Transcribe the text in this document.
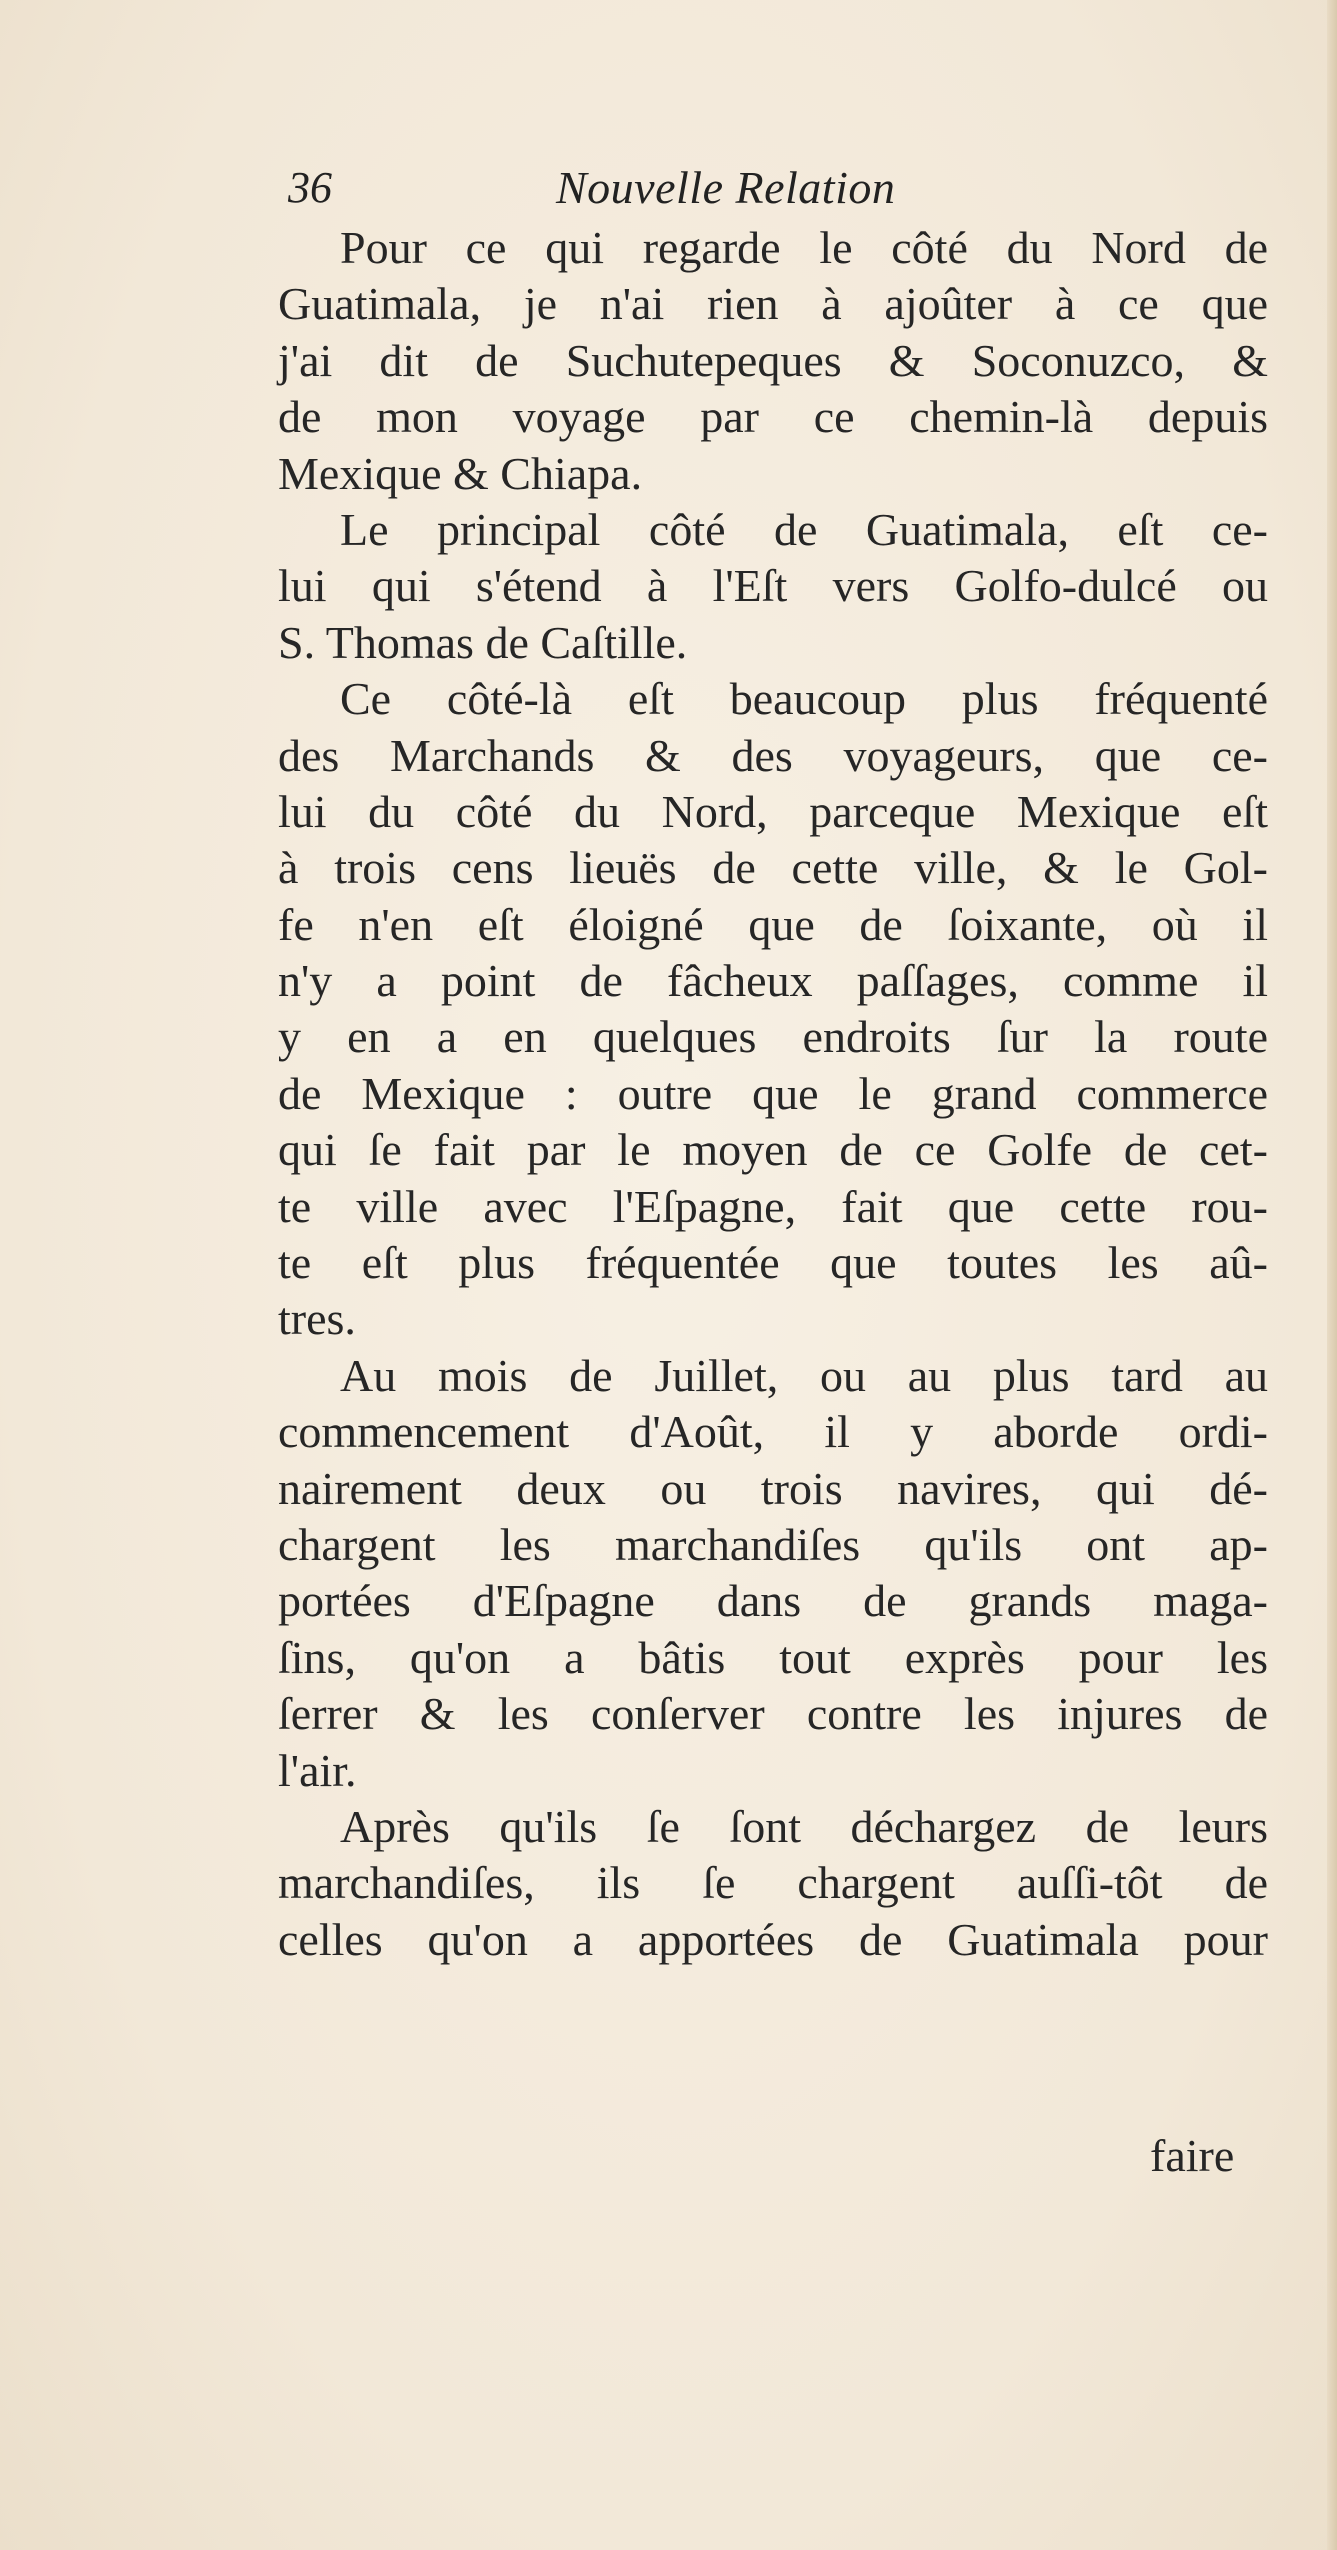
36	Nouvelle Relation
Pour ce qui regarde le côté du Nord de
Guatimala, je n'ai rien à ajoûter à ce que
j'ai dit de Suchutepeques & Soconuzco, &
de mon voyage par ce chemin-là depuis
Mexique & Chiapa.
Le principal côté de Guatimala, eſt ce-
lui qui s'étend à l'Eſt vers Golfo-dulcé ou
S. Thomas de Caſtille.
Ce côté-là eſt beaucoup plus fréquenté
des Marchands & des voyageurs, que ce-
lui du côté du Nord, parceque Mexique eſt
à trois cens lieuës de cette ville, & le Gol-
fe n'en eſt éloigné que de ſoixante, où il
n'y a point de fâcheux paſſages, comme il
y en a en quelques endroits ſur la route
de Mexique : outre que le grand commerce
qui ſe fait par le moyen de ce Golfe de cet-
te ville avec l'Eſpagne, fait que cette rou-
te eſt plus fréquentée que toutes les aû-
tres.
Au mois de Juillet, ou au plus tard au
commencement d'Août, il y aborde ordi-
nairement deux ou trois navires, qui dé-
chargent les marchandiſes qu'ils ont ap-
portées d'Eſpagne dans de grands maga-
ſins, qu'on a bâtis tout exprès pour les
ſerrer & les conſerver contre les injures de
l'air.
Après qu'ils ſe ſont déchargez de leurs
marchandiſes, ils ſe chargent auſſi-tôt de
celles qu'on a apportées de Guatimala pour
faire
